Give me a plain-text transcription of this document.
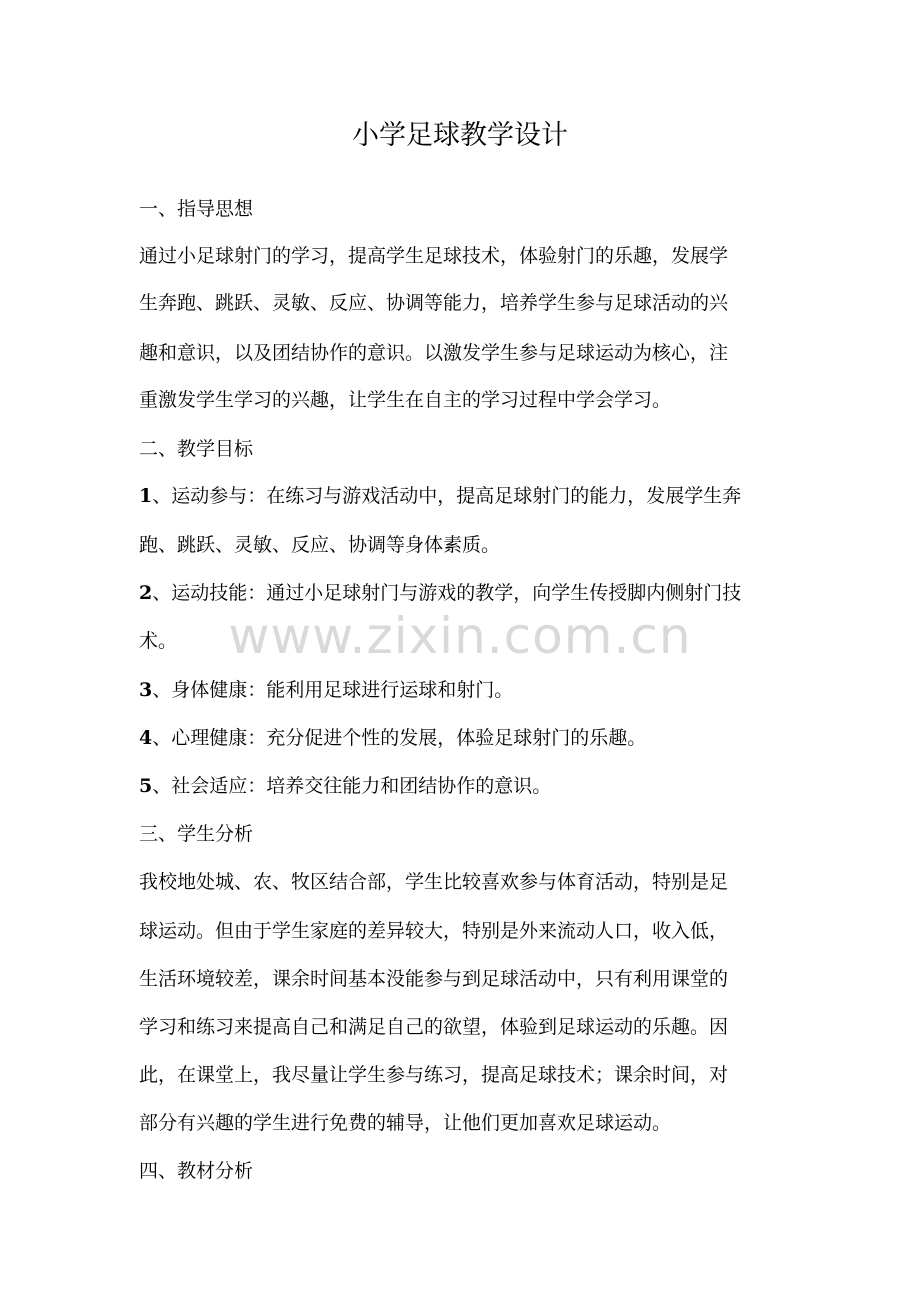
小学足球教学设计
一、指导思想
通过小足球射门的学习，提高学生足球技术，体验射门的乐趣，发展学
生奔跑、跳跃、灵敏、反应、协调等能力，培养学生参与足球活动的兴
趣和意识，以及团结协作的意识。以激发学生参与足球运动为核心，注
重激发学生学习的兴趣，让学生在自主的学习过程中学会学习。
二、教学目标
1、运动参与：在练习与游戏活动中，提高足球射门的能力，发展学生奔
跑、跳跃、灵敏、反应、协调等身体素质。
2、运动技能：通过小足球射门与游戏的教学，向学生传授脚内侧射门技
术。
3、身体健康：能利用足球进行运球和射门。
4、心理健康：充分促进个性的发展，体验足球射门的乐趣。
5、社会适应：培养交往能力和团结协作的意识。
三、学生分析
我校地处城、农、牧区结合部，学生比较喜欢参与体育活动，特别是足
球运动。但由于学生家庭的差异较大，特别是外来流动人口，收入低，
生活环境较差，课余时间基本没能参与到足球活动中，只有利用课堂的
学习和练习来提高自己和满足自己的欲望，体验到足球运动的乐趣。因
此，在课堂上，我尽量让学生参与练习，提高足球技术；课余时间，对
部分有兴趣的学生进行免费的辅导，让他们更加喜欢足球运动。
四、教材分析
www.zixin.com.cn
